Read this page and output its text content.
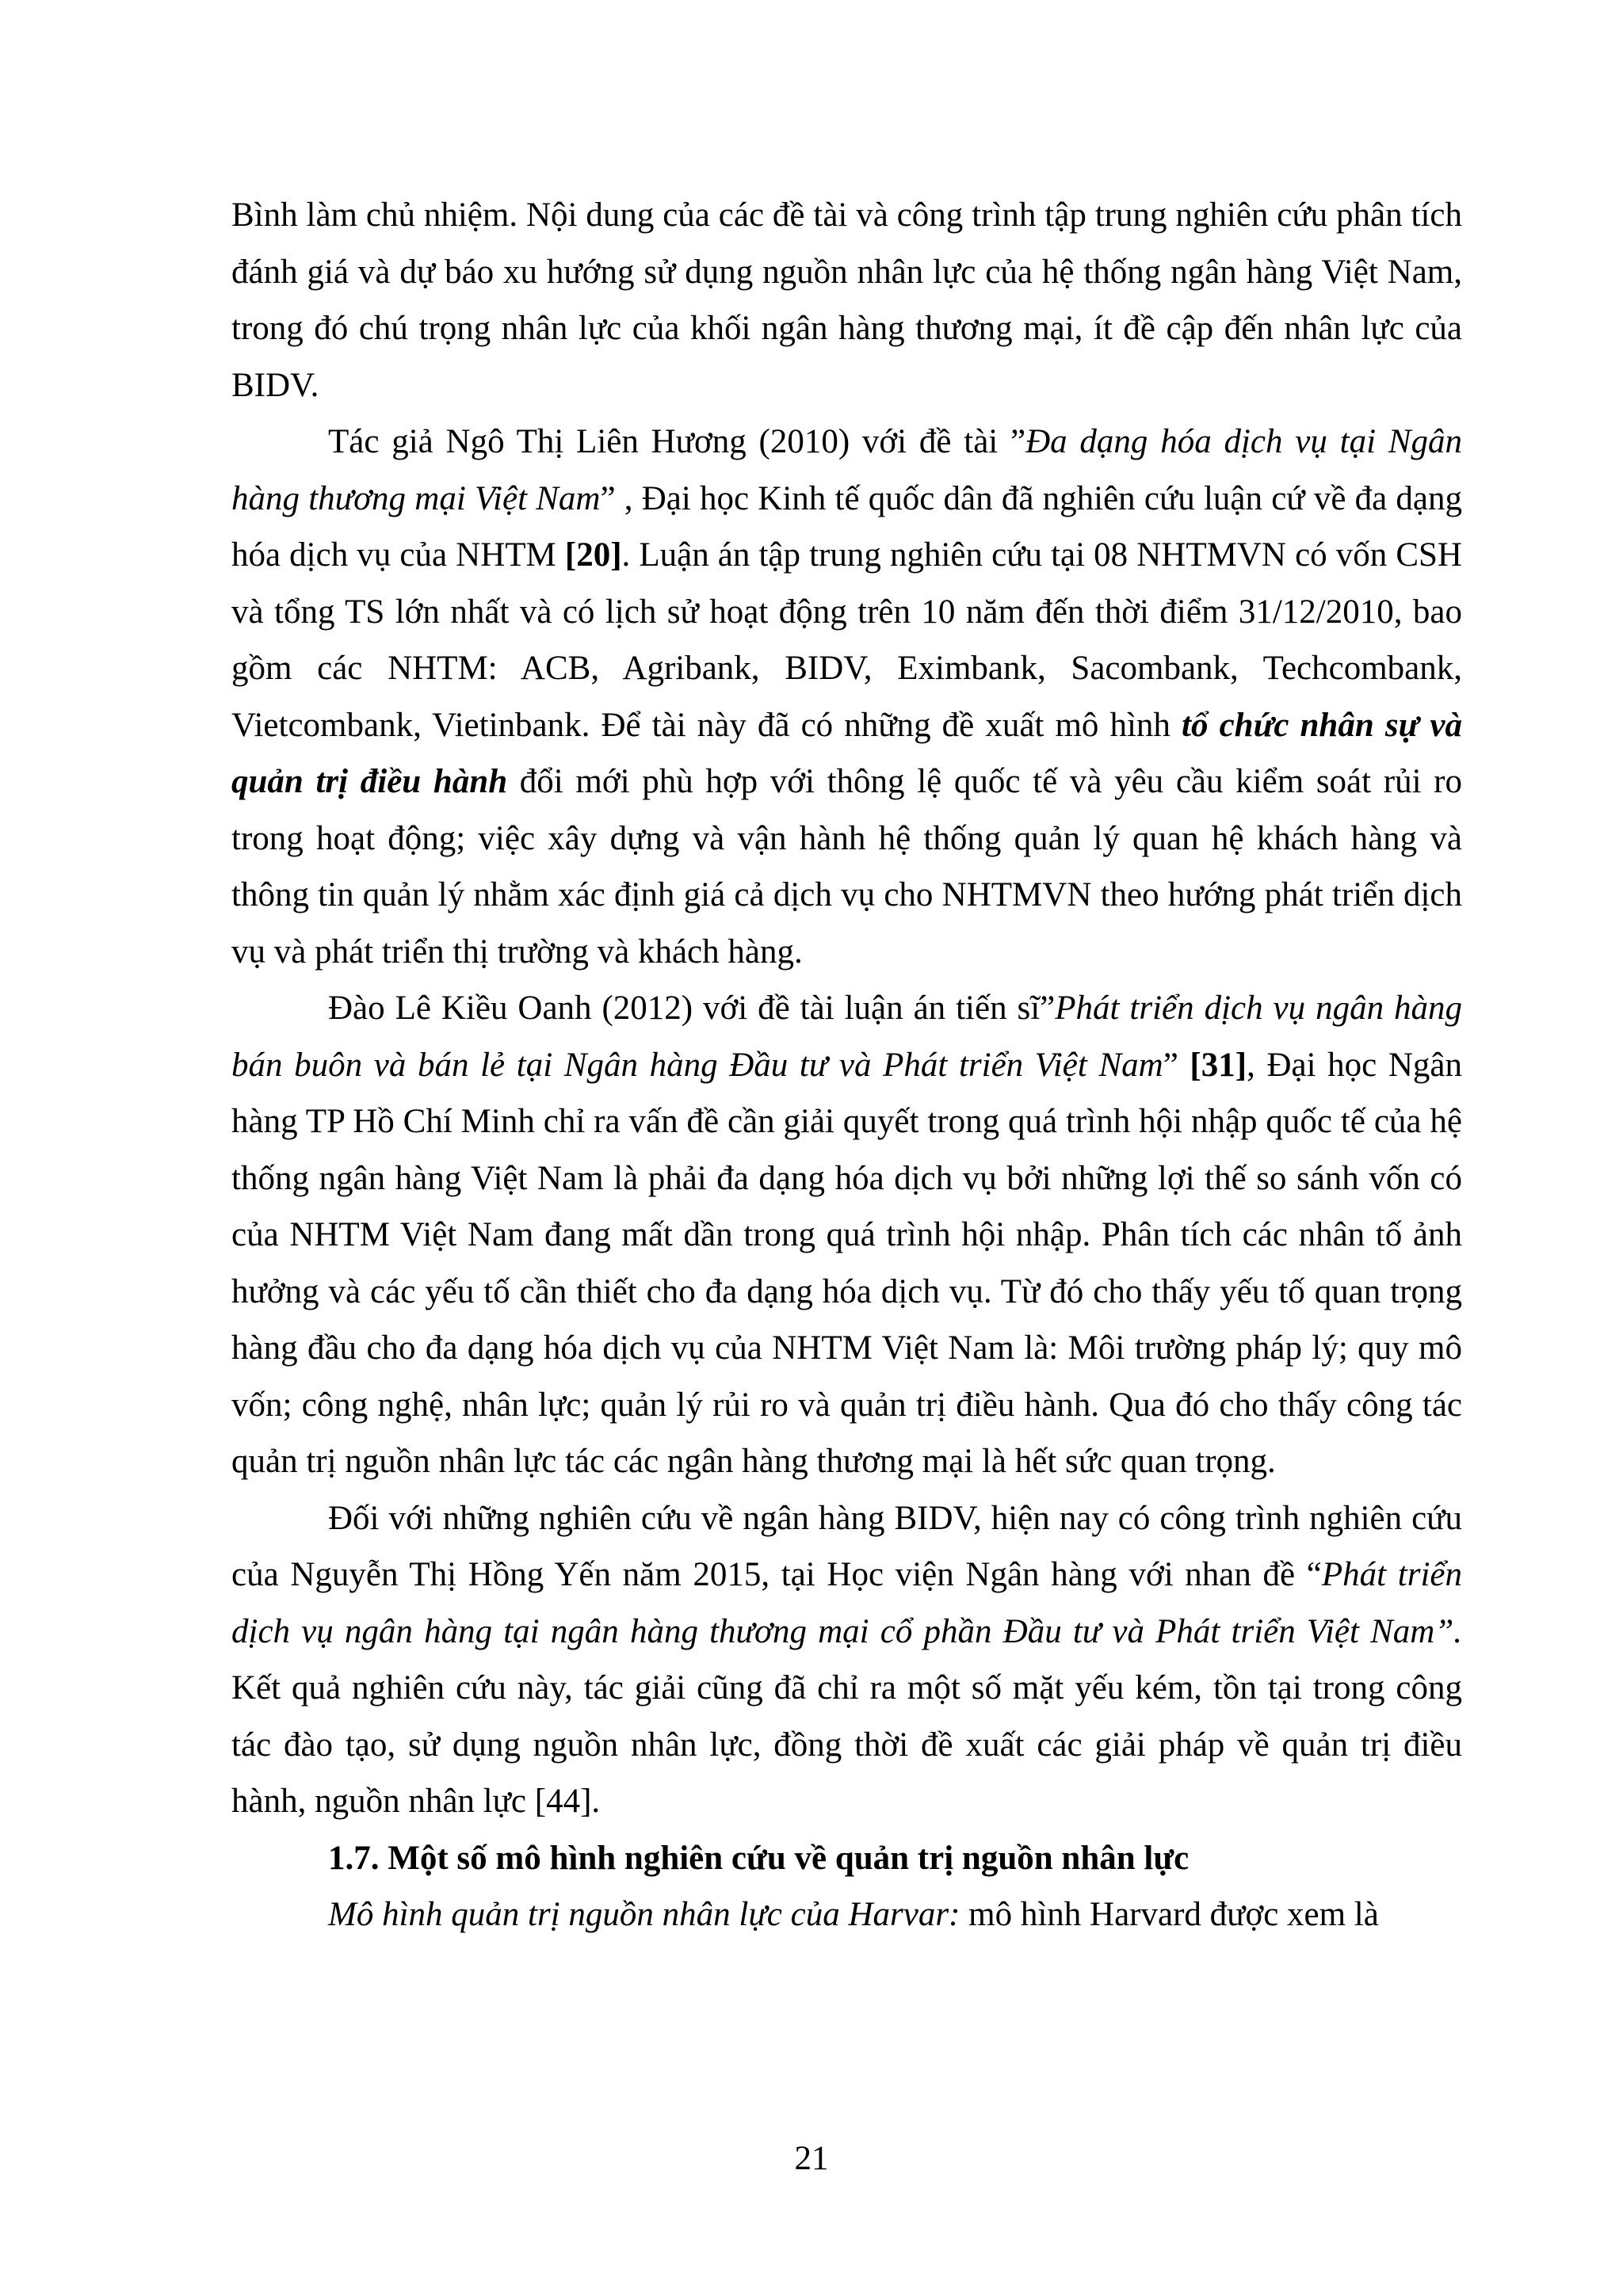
Bình làm chủ nhiệm. Nội dung của các đề tài và công trình tập trung nghiên cứu phân tích đánh giá và dự báo xu hướng sử dụng nguồn nhân lực của hệ thống ngân hàng Việt Nam, trong đó chú trọng nhân lực của khối ngân hàng thương mại, ít đề cập đến nhân lực của BIDV.

Tác giả Ngô Thị Liên Hương (2010) với đề tài ”Đa dạng hóa dịch vụ tại Ngân hàng thương mại Việt Nam” , Đại học Kinh tế quốc dân đã nghiên cứu luận cứ về đa dạng hóa dịch vụ của NHTM [20]. Luận án tập trung nghiên cứu tại 08 NHTMVN có vốn CSH và tổng TS lớn nhất và có lịch sử hoạt động trên 10 năm đến thời điểm 31/12/2010, bao gồm các NHTM: ACB, Agribank, BIDV, Eximbank, Sacombank, Techcombank, Vietcombank, Vietinbank. Để tài này đã có những đề xuất mô hình tổ chức nhân sự và quản trị điều hành đổi mới phù hợp với thông lệ quốc tế và yêu cầu kiểm soát rủi ro trong hoạt động; việc xây dựng và vận hành hệ thống quản lý quan hệ khách hàng và thông tin quản lý nhằm xác định giá cả dịch vụ cho NHTMVN theo hướng phát triển dịch vụ và phát triển thị trường và khách hàng.

Đào Lê Kiều Oanh (2012) với đề tài luận án tiến sĩ”Phát triển dịch vụ ngân hàng bán buôn và bán lẻ tại Ngân hàng Đầu tư và Phát triển Việt Nam” [31], Đại học Ngân hàng TP Hồ Chí Minh chỉ ra vấn đề cần giải quyết trong quá trình hội nhập quốc tế của hệ thống ngân hàng Việt Nam là phải đa dạng hóa dịch vụ bởi những lợi thế so sánh vốn có của NHTM Việt Nam đang mất dần trong quá trình hội nhập. Phân tích các nhân tố ảnh hưởng và các yếu tố cần thiết cho đa dạng hóa dịch vụ. Từ đó cho thấy yếu tố quan trọng hàng đầu cho đa dạng hóa dịch vụ của NHTM Việt Nam là: Môi trường pháp lý; quy mô vốn; công nghệ, nhân lực; quản lý rủi ro và quản trị điều hành. Qua đó cho thấy công tác quản trị nguồn nhân lực tác các ngân hàng thương mại là hết sức quan trọng.

Đối với những nghiên cứu về ngân hàng BIDV, hiện nay có công trình nghiên cứu của Nguyễn Thị Hồng Yến năm 2015, tại Học viện Ngân hàng với nhan đề “Phát triển dịch vụ ngân hàng tại ngân hàng thương mại cổ phần Đầu tư và Phát triển Việt Nam”. Kết quả nghiên cứu này, tác giải cũng đã chỉ ra một số mặt yếu kém, tồn tại trong công tác đào tạo, sử dụng nguồn nhân lực, đồng thời đề xuất các giải pháp về quản trị điều hành, nguồn nhân lực [44].

1.7. Một số mô hình nghiên cứu về quản trị nguồn nhân lực

Mô hình quản trị nguồn nhân lực của Harvar: mô hình Harvard được xem là

21
